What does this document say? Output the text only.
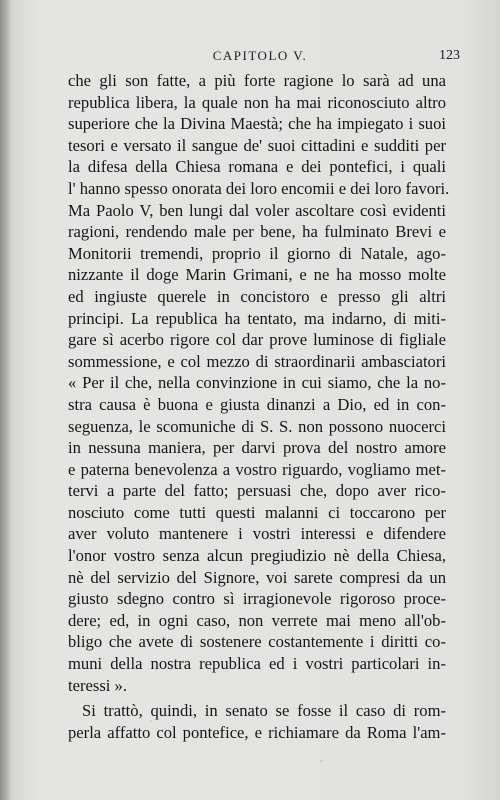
CAPITOLO V.	123
che gli son fatte, a più forte ragione lo sarà ad una
republica libera, la quale non ha mai riconosciuto altro
superiore che la Divina Maestà; che ha impiegato i suoi
tesori e versato il sangue de' suoi cittadini e sudditi per
la difesa della Chiesa romana e dei pontefici, i quali
l' hanno spesso onorata dei loro encomii e dei loro favori.
Ma Paolo V, ben lungi dal voler ascoltare così evidenti
ragioni, rendendo male per bene, ha fulminato Brevi e
Monitorii tremendi, proprio il giorno di Natale, ago-
nizzante il doge Marin Grimani, e ne ha mosso molte
ed ingiuste querele in concistoro e presso gli altri
principi. La republica ha tentato, ma indarno, di miti-
gare sì acerbo rigore col dar prove luminose di figliale
sommessione, e col mezzo di straordinarii ambasciatori
« Per il che, nella convinzione in cui siamo, che la no-
stra causa è buona e giusta dinanzi a Dio, ed in con-
seguenza, le scomuniche di S. S. non possono nuocerci
in nessuna maniera, per darvi prova del nostro amore
e paterna benevolenza a vostro riguardo, vogliamo met-
tervi a parte del fatto; persuasi che, dopo aver rico-
nosciuto come tutti questi malanni ci toccarono per
aver voluto mantenere i vostri interessi e difendere
l'onor vostro senza alcun pregiudizio nè della Chiesa,
nè del servizio del Signore, voi sarete compresi da un
giusto sdegno contro sì irragionevole rigoroso proce-
dere; ed, in ogni caso, non verrete mai meno all'ob-
bligo che avete di sostenere costantemente i diritti co-
muni della nostra republica ed i vostri particolari in-
teressi ».
Si trattò, quindi, in senato se fosse il caso di rom-
perla affatto col pontefice, e richiamare da Roma l'am-
